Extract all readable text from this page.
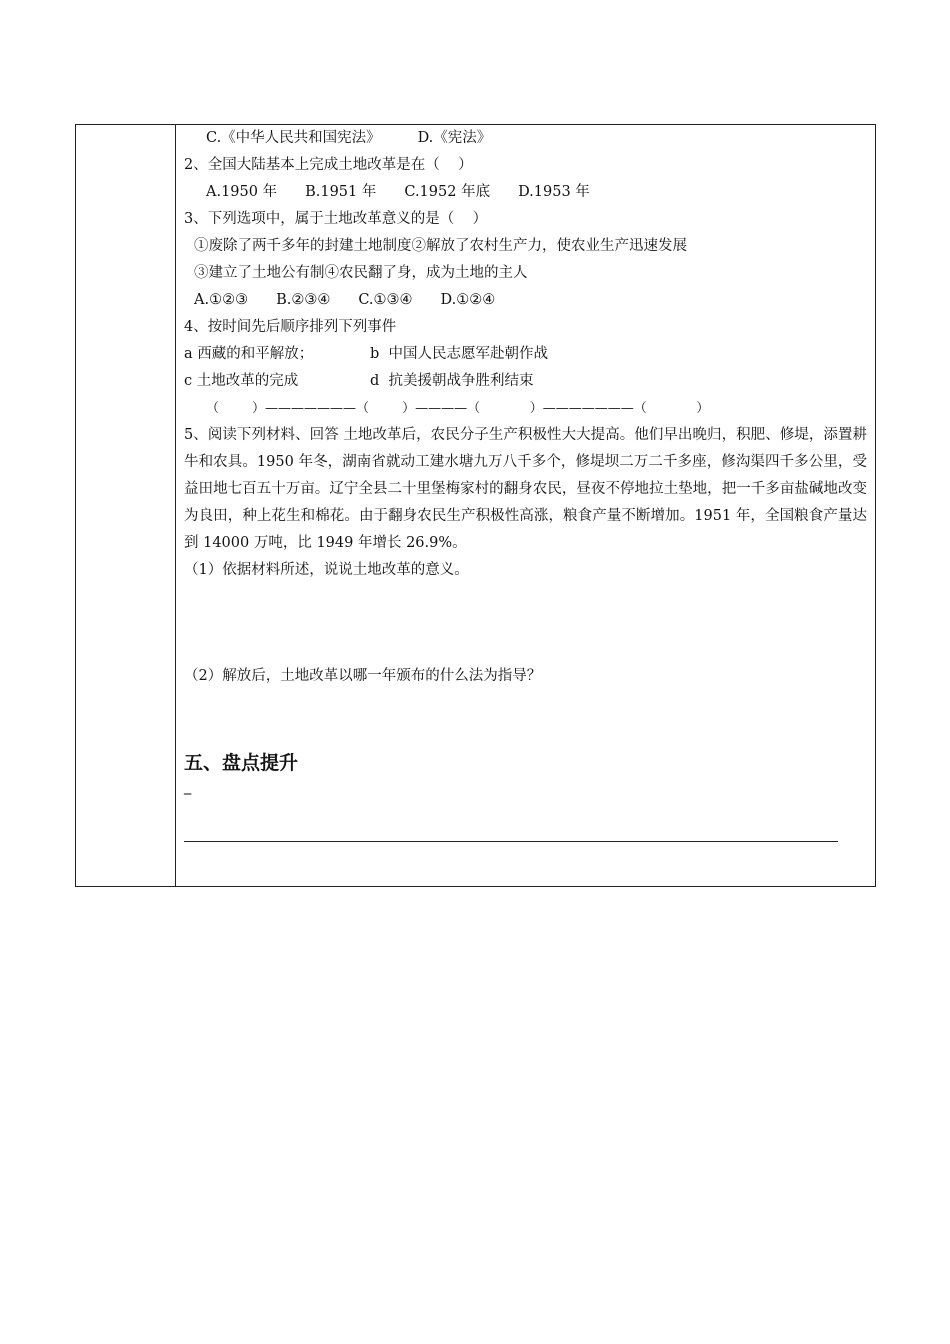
C.《中华人民共和国宪法》	D.《宪法》
2、全国大陆基本上完成土地改革是在（    ）
A.1950 年 B.1951 年 C.1952 年底 D.1953 年
3、下列选项中，属于土地改革意义的是（    ）
①废除了两千多年的封建土地制度②解放了农村生产力，使农业生产迅速发展
③建立了土地公有制④农民翻了身，成为土地的主人
A.①②③ B.②③④ C.①③④ D.①②④
4、按时间先后顺序排列下列事件
a 西藏的和平解放；	b  中国人民志愿军赴朝作战
c 土地改革的完成	d  抗美援朝战争胜利结束
（        ）———————（        ）————（            ）———————（            ）
5、阅读下列材料、回答 土地改革后，农民分子生产积极性大大提高。他们早出晚归，积肥、修堤，添置耕牛和农具。1950 年冬，湖南省就动工建水塘九万八千多个，修堤坝二万二千多座，修沟渠四千多公里，受益田地七百五十万亩。辽宁全县二十里堡梅家村的翻身农民，昼夜不停地拉土垫地，把一千多亩盐碱地改变为良田，种上花生和棉花。由于翻身农民生产积极性高涨，粮食产量不断增加。1951 年，全国粮食产量达到 14000 万吨，比 1949 年增长 26.9%。
（1）依据材料所述，说说土地改革的意义。
（2）解放后，土地改革以哪一年颁布的什么法为指导？
五、盘点提升
_
